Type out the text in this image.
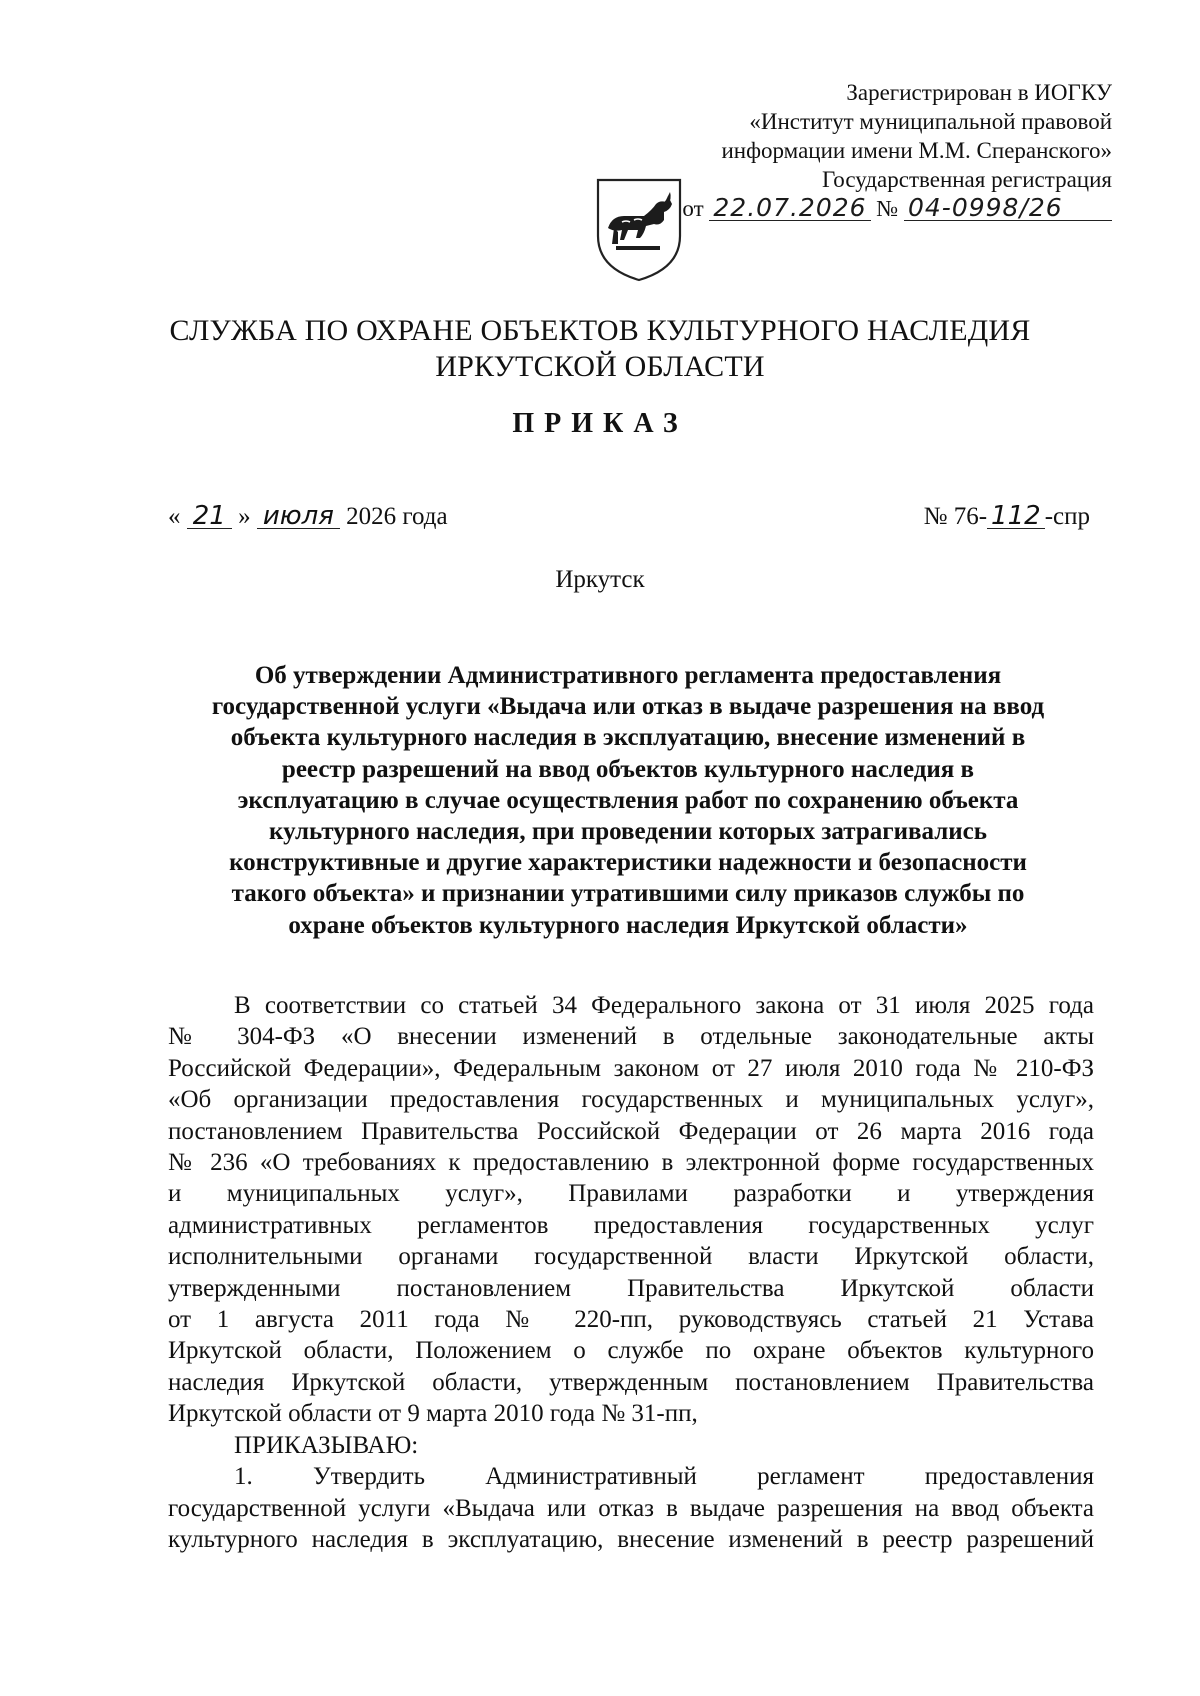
Зарегистрирован в ИОГКУ
«Институт муниципальной правовой
информации имени М.М. Сперанского»
Государственная регистрация
от 22.07.2026 № 04-0998/26
СЛУЖБА ПО ОХРАНЕ ОБЪЕКТОВ КУЛЬТУРНОГО НАСЛЕДИЯ
ИРКУТСКОЙ ОБЛАСТИ
ПРИКАЗ
« 21 » июля 2026 года	№ 76- 112 -спр
Иркутск
Об утверждении Административного регламента предоставления
государственной услуги «Выдача или отказ в выдаче разрешения на ввод
объекта культурного наследия в эксплуатацию, внесение изменений в
реестр разрешений на ввод объектов культурного наследия в
эксплуатацию в случае осуществления работ по сохранению объекта
культурного наследия, при проведении которых затрагивались
конструктивные и другие характеристики надежности и безопасности
такого объекта» и признании утратившими силу приказов службы по
охране объектов культурного наследия Иркутской области»
В соответствии со статьей 34 Федерального закона от 31 июля 2025 года
№ 304-ФЗ «О внесении изменений в отдельные законодательные акты
Российской Федерации», Федеральным законом от 27 июля 2010 года № 210-ФЗ
«Об организации предоставления государственных и муниципальных услуг»,
постановлением Правительства Российской Федерации от 26 марта 2016 года
№ 236 «О требованиях к предоставлению в электронной форме государственных
и муниципальных услуг», Правилами разработки и утверждения
административных регламентов предоставления государственных услуг
исполнительными органами государственной власти Иркутской области,
утвержденными постановлением Правительства Иркутской области
от 1 августа 2011 года № 220-пп, руководствуясь статьей 21 Устава
Иркутской области, Положением о службе по охране объектов культурного
наследия Иркутской области, утвержденным постановлением Правительства
Иркутской области от 9 марта 2010 года № 31-пп,
ПРИКАЗЫВАЮ:
1. Утвердить Административный регламент предоставления
государственной услуги «Выдача или отказ в выдаче разрешения на ввод объекта
культурного наследия в эксплуатацию, внесение изменений в реестр разрешений
